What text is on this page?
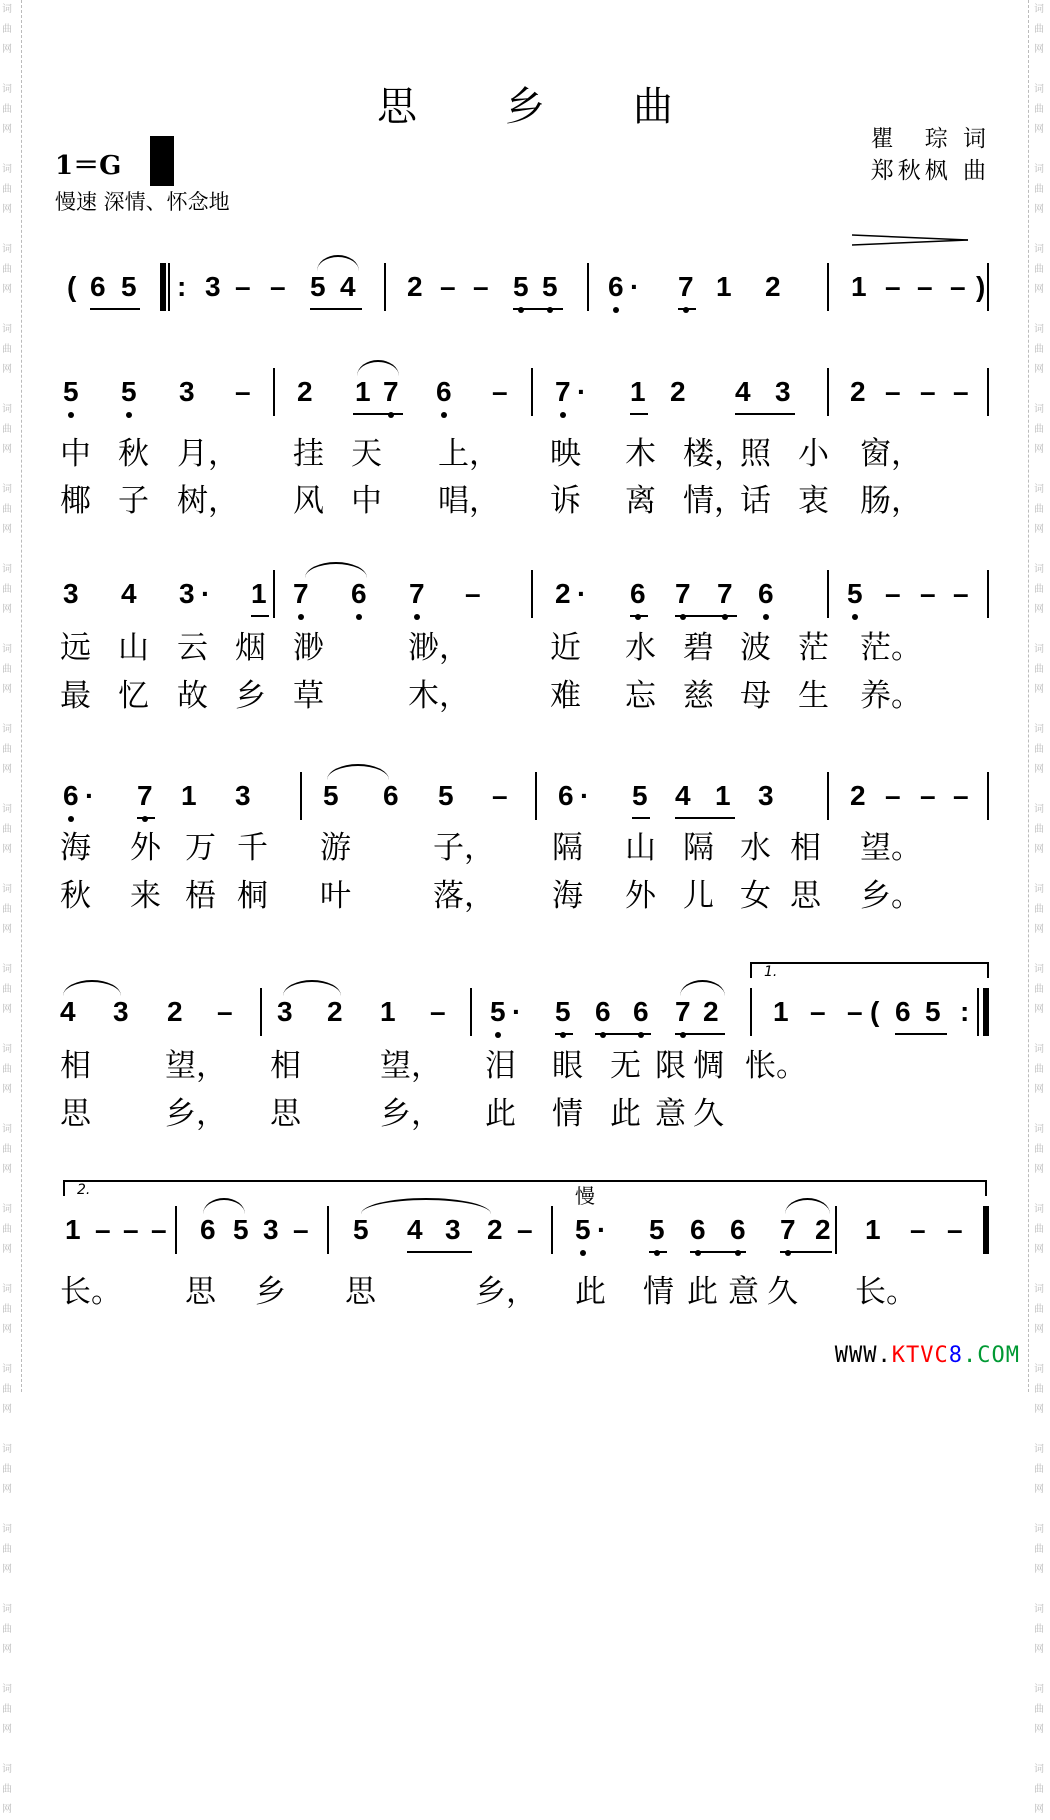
词
曲
网

词
曲
网

词
曲
网

词
曲
网

词
曲
网

词
曲
网

词
曲
网

词
曲
网

词
曲
网

词
曲
网

词
曲
网

词
曲
网

词
曲
网

词
曲
网

词
曲
网

词
曲
网

词
曲
网

词
曲
网

词
曲
网

词
曲
网

词
曲
网

词
曲
网

词
曲
网

词
曲
网

词
曲
网

词
曲
网

词
曲
网

词
曲
网

词
曲
网

词
曲
网

词
曲
网

词
曲
网

词
曲
网

词
曲
网

词
曲
网

词
曲
网

词
曲
网

词
曲
网

词
曲
网

词
曲
网

词
曲
网

词
曲
网

词
曲
网

词
曲
网

词
曲
网

词
曲
网

思乡曲
1＝G
慢速 深情、怀念地
瞿　琮 词
郑秋枫 曲
( 6 5 : 3 – – 5 4 2 – – 5 5 6 · 7 1 2	1 – – – )
5 5 3 – 2 1 7 6 – 7 · 1 2 4 3 2 – – –
中 秋 月， 挂 天 上， 映 木 楼，
照 小 窗，
椰 子 树， 风 中 唱， 诉 离 情，
话 衷 肠，
3 4 3 · 1 7 6 7 –	2 · 6 7 7 6	5 – – –
远 山 云 烟 渺	渺，	近 水 碧 波 茫 茫。
最 忆 故 乡 草	木，	难 忘 慈 母 生 养。
6 · 7 1 3	5 6 5 – 6 · 5 4 1 3	2 – – –
海 外 万 千 游	子， 隔 山 隔 水 相 望。
秋 来 梧 桐 叶	落， 海 外 儿 女 思 乡。
4 3 2 – 3 2 1 – 5 · 5 6 6 7 2 1 – – ( 6 5 :
相 望， 相	望， 泪 眼 无 限 惆 怅。
思 乡， 思	乡， 此 情 此 意 久
1.
1 – – – 6 5 3 – 5 4 3 2 – 5 · 5 6 6 7 2 1 – –
长。 思 乡 思	乡， 此 情 此 意 久 长。
2.	慢
WWW.KTVC8.COM
